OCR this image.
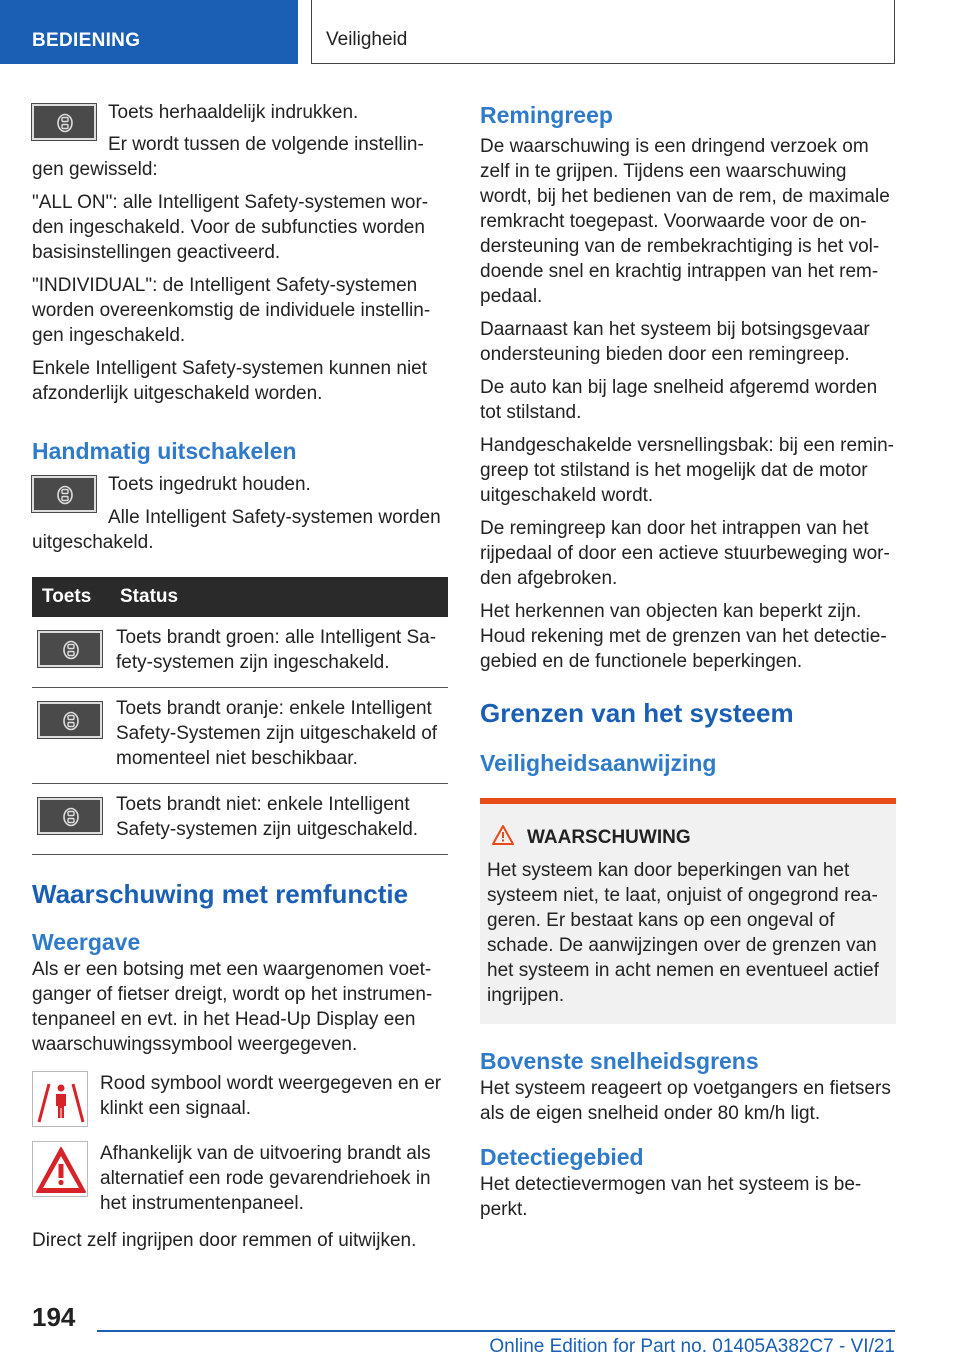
BEDIENING	Veiligheid

Toets herhaaldelijk indrukken.

Er wordt tussen de volgende instellin-gen gewisseld:

"ALL ON": alle Intelligent Safety-systemen wor-den ingeschakeld. Voor de subfuncties worden basisinstellingen geactiveerd.

"INDIVIDUAL": de Intelligent Safety-systemen worden overeenkomstig de individuele instellin-gen ingeschakeld.

Enkele Intelligent Safety-systemen kunnen niet afzonderlijk uitgeschakeld worden.

Handmatig uitschakelen

Toets ingedrukt houden.

Alle Intelligent Safety-systemen worden uitgeschakeld.

Toets	Status

	Toets brandt groen: alle Intelligent Sa-fety-systemen zijn ingeschakeld.

	Toets brandt oranje: enkele Intelligent Safety-Systemen zijn uitgeschakeld of momenteel niet beschikbaar.

	Toets brandt niet: enkele Intelligent Safety-systemen zijn uitgeschakeld.
Waarschuwing met remfunctie
Weergave

Als er een botsing met een waargenomen voet-ganger of fietser dreigt, wordt op het instrumen-tenpaneel en evt. in het Head-Up Display een waarschuwingssymbool weergegeven.

Rood symbool wordt weergegeven en er klinkt een signaal.

Afhankelijk van de uitvoering brandt als alternatief een rode gevarendriehoek in het instrumentenpaneel.

Direct zelf ingrijpen door remmen of uitwijken.

Remingreep

De waarschuwing is een dringend verzoek om zelf in te grijpen. Tijdens een waarschuwing wordt, bij het bedienen van de rem, de maximale remkracht toegepast. Voorwaarde voor de on-dersteuning van de rembekrachtiging is het vol-doende snel en krachtig intrappen van het rem-pedaal.

Daarnaast kan het systeem bij botsingsgevaar ondersteuning bieden door een remingreep.

De auto kan bij lage snelheid afgeremd worden tot stilstand.

Handgeschakelde versnellingsbak: bij een remin-greep tot stilstand is het mogelijk dat de motor uitgeschakeld wordt.

De remingreep kan door het intrappen van het rijpedaal of door een actieve stuurbeweging wor-den afgebroken.

Het herkennen van objecten kan beperkt zijn. Houd rekening met de grenzen van het detectie-gebied en de functionele beperkingen.

Grenzen van het systeem
Veiligheidsaanwijzing
WAARSCHUWING

Het systeem kan door beperkingen van het systeem niet, te laat, onjuist of ongegrond rea-geren. Er bestaat kans op een ongeval of schade. De aanwijzingen over de grenzen van het systeem in acht nemen en eventueel actief ingrijpen.

Bovenste snelheidsgrens

Het systeem reageert op voetgangers en fietsers als de eigen snelheid onder 80 km/h ligt.

Detectiegebied

Het detectievermogen van het systeem is be-perkt.

194
Online Edition for Part no. 01405A382C7 - VI/21
